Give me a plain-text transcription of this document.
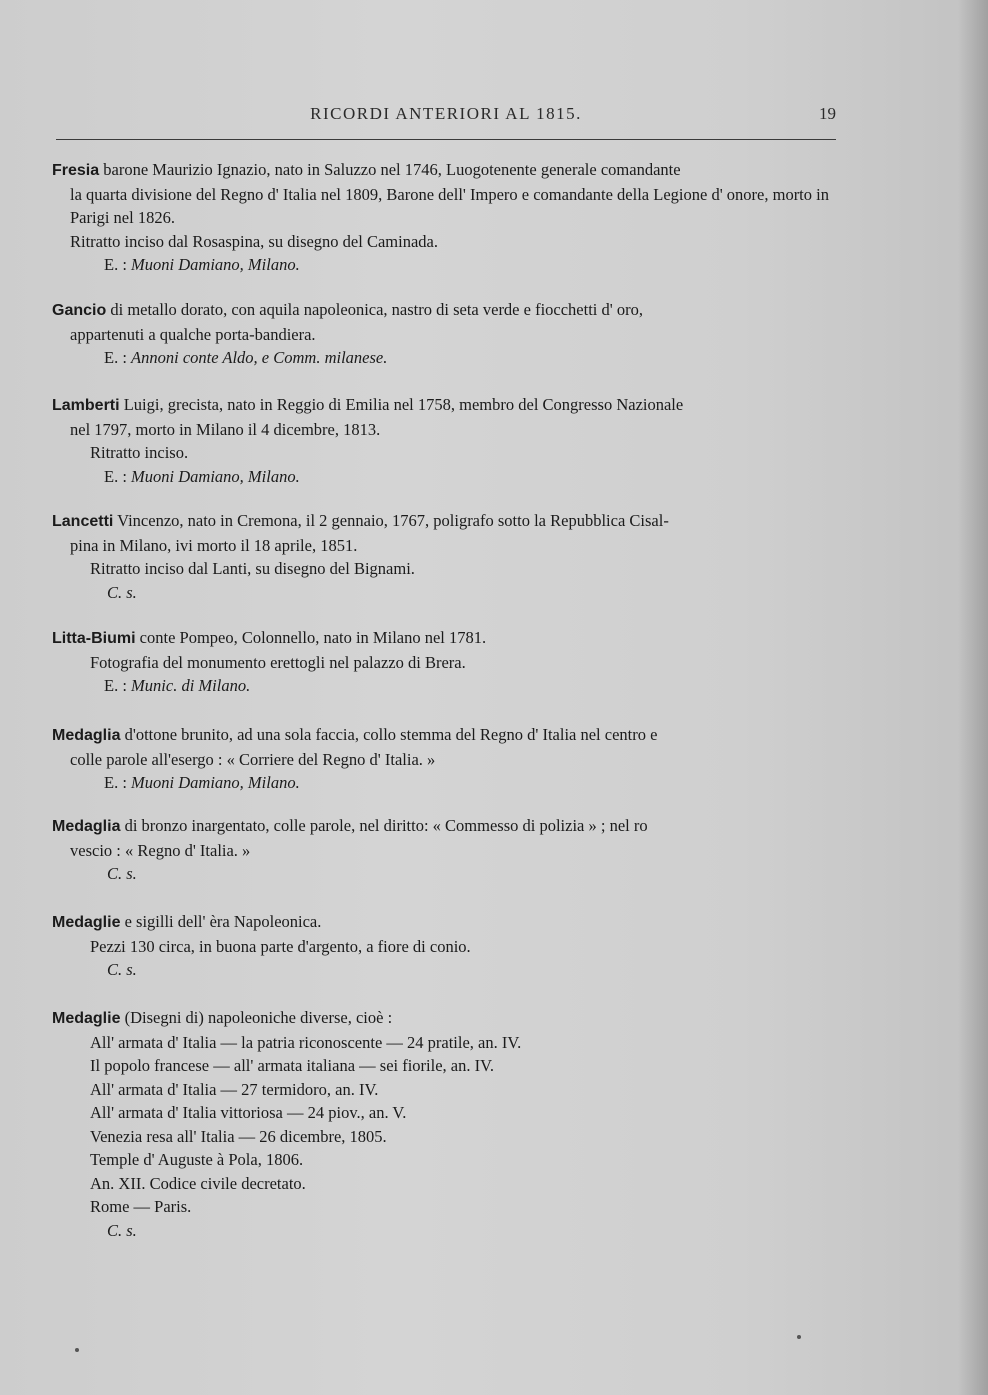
RICORDI ANTERIORI AL 1815.	19

Fresia barone Maurizio Ignazio, nato in Saluzzo nel 1746, Luogotenente generale comandante

la quarta divisione del Regno d' Italia nel 1809, Barone dell' Impero e comandante della Legione d' onore, morto in Parigi nel 1826.

Ritratto inciso dal Rosaspina, su disegno del Caminada.

E. : Muoni Damiano, Milano.

Gancio di metallo dorato, con aquila napoleonica, nastro di seta verde e fiocchetti d' oro,

appartenuti a qualche porta-bandiera.

E. : Annoni conte Aldo, e Comm. milanese.

Lamberti Luigi, grecista, nato in Reggio di Emilia nel 1758, membro del Congresso Nazionale

nel 1797, morto in Milano il 4 dicembre, 1813.

Ritratto inciso.

E. : Muoni Damiano, Milano.

Lancetti Vincenzo, nato in Cremona, il 2 gennaio, 1767, poligrafo sotto la Repubblica Cisal-

pina in Milano, ivi morto il 18 aprile, 1851.

Ritratto inciso dal Lanti, su disegno del Bignami.

C. s.

Litta-Biumi conte Pompeo, Colonnello, nato in Milano nel 1781.

Fotografia del monumento erettogli nel palazzo di Brera.

E. : Munic. di Milano.

Medaglia d'ottone brunito, ad una sola faccia, collo stemma del Regno d' Italia nel centro e

colle parole all'esergo : « Corriere del Regno d' Italia. »

E. : Muoni Damiano, Milano.

Medaglia di bronzo inargentato, colle parole, nel diritto: « Commesso di polizia » ; nel ro

vescio : « Regno d' Italia. »

C. s.

Medaglie e sigilli dell' èra Napoleonica.

Pezzi 130 circa, in buona parte d'argento, a fiore di conio.

C. s.

Medaglie (Disegni di) napoleoniche diverse, cioè :

All' armata d' Italia — la patria riconoscente — 24 pratile, an. IV.

Il popolo francese — all' armata italiana — sei fiorile, an. IV.

All' armata d' Italia — 27 termidoro, an. IV.

All' armata d' Italia vittoriosa — 24 piov., an. V.

Venezia resa all' Italia — 26 dicembre, 1805.

Temple d' Auguste à Pola, 1806.

An. XII. Codice civile decretato.

Rome — Paris.

C. s.
